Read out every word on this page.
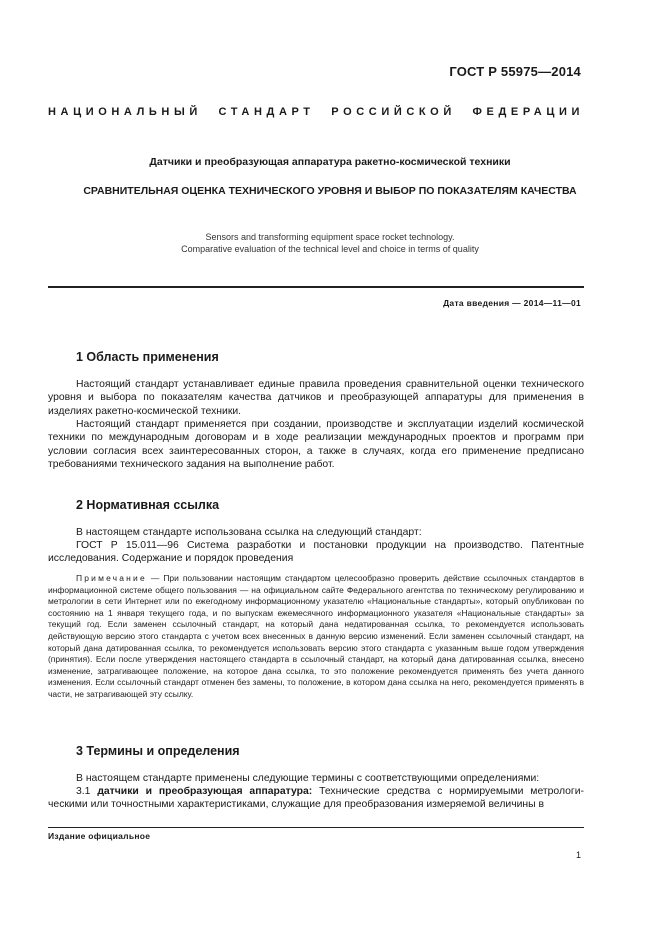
ГОСТ Р 55975—2014
НАЦИОНАЛЬНЫЙ СТАНДАРТ РОССИЙСКОЙ ФЕДЕРАЦИИ
Датчики и преобразующая аппаратура ракетно-космической техники
СРАВНИТЕЛЬНАЯ ОЦЕНКА ТЕХНИЧЕСКОГО УРОВНЯ И ВЫБОР ПО ПОКАЗАТЕЛЯМ КАЧЕСТВА
Sensors and transforming equipment space rocket technology.
Comparative evaluation of the technical level and choice in terms of quality
Дата введения — 2014—11—01
1 Область применения

Настоящий стандарт устанавливает единые правила проведения сравнительной оценки технического уровня и выбора по показателям качества датчиков и преобразующей аппаратуры для применения в изделиях ракетно-космической техники.

Настоящий стандарт применяется при создании, производстве и эксплуатации изделий космической техники по международным договорам и в ходе реализации международных проектов и программ при условии согласия всех заинтересованных сторон, а также в случаях, когда его применение предписано требованиями технического задания на выполнение работ.

2 Нормативная ссылка

В настоящем стандарте использована ссылка на следующий стандарт:

ГОСТ Р 15.011—96 Система разработки и постановки продукции на производство. Патентные исследования. Содержание и порядок проведения

Примечание — При пользовании настоящим стандартом целесообразно проверить действие ссылочных стандартов в информационной системе общего пользования — на официальном сайте Федерального агентства по техническому регулированию и метрологии в сети Интернет или по ежегодному информационному указателю «Национальные стандарты», который опубликован по состоянию на 1 января текущего года, и по выпускам ежемесячного информационного указателя «Национальные стандарты» за текущий год. Если заменен ссылочный стандарт, на который дана недатированная ссылка, то рекомендуется использовать действующую версию этого стандарта с учетом всех внесенных в данную версию изменений. Если заменен ссылочный стандарт, на который дана датированная ссылка, то рекомендуется использовать версию этого стандарта с указанным выше годом утверждения (принятия). Если после утверждения настоящего стандарта в ссылочный стандарт, на который дана датированная ссылка, внесено изменение, затрагивающее положение, на которое дана ссылка, то это положение рекомендуется применять без учета данного изменения. Если ссылочный стандарт отменен без замены, то положение, в котором дана ссылка на него, рекомендуется применять в части, не затрагивающей эту ссылку.

3 Термины и определения

В настоящем стандарте применены следующие термины с соответствующими определениями:

3.1 датчики и преобразующая аппаратура: Технические средства с нормируемыми метрологическими или точностными характеристиками, служащие для преобразования измеряемой величины в

Издание официальное
1
